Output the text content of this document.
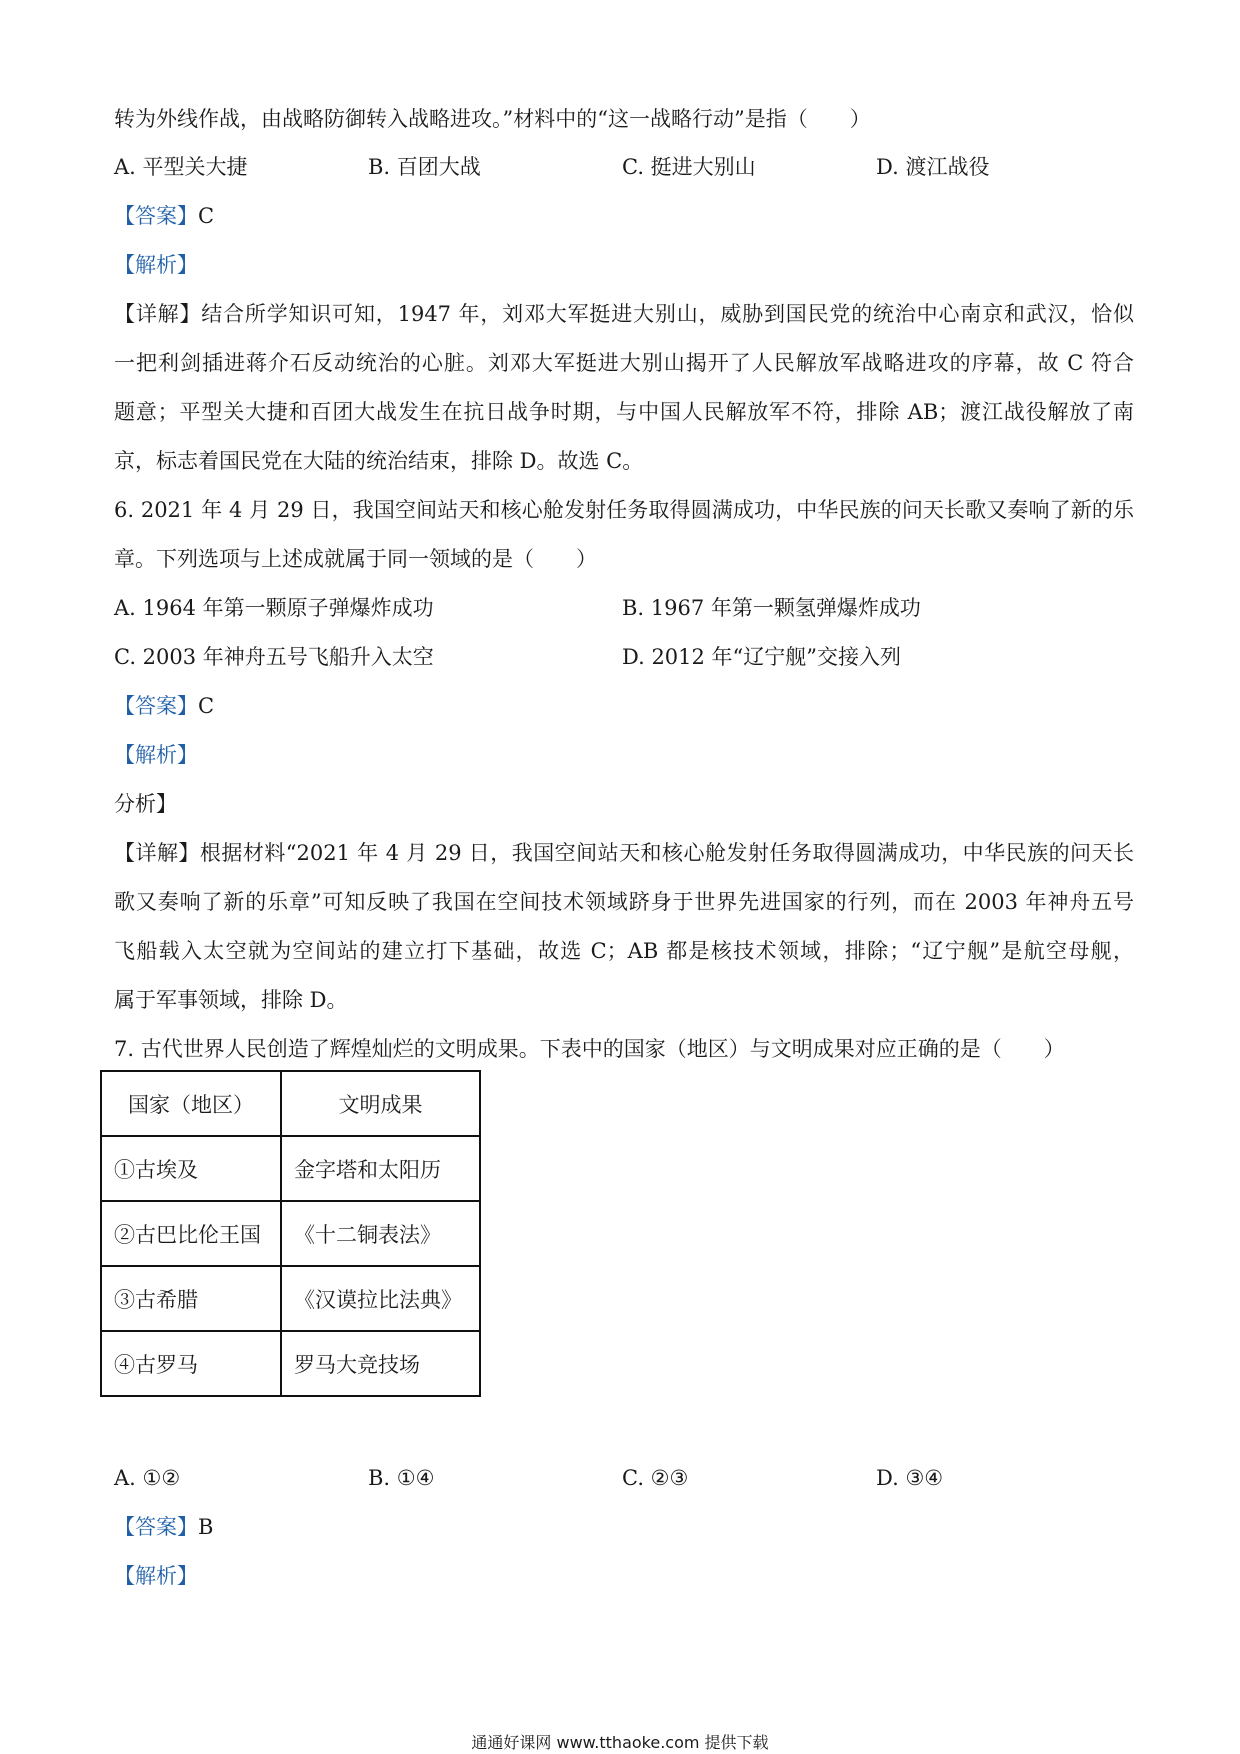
转为外线作战，由战略防御转入战略进攻。”材料中的“这一战略行动”是指（　　）
A. 平型关大捷	B. 百团大战	C. 挺进大别山	D. 渡江战役
【答案】C
【解析】
【详解】结合所学知识可知，1947 年，刘邓大军挺进大别山，威胁到国民党的统治中心南京和武汉，恰似
一把利剑插进蒋介石反动统治的心脏。刘邓大军挺进大别山揭开了人民解放军战略进攻的序幕，故 C 符合
题意；平型关大捷和百团大战发生在抗日战争时期，与中国人民解放军不符，排除 AB；渡江战役解放了南
京，标志着国民党在大陆的统治结束，排除 D。故选 C。
6. 2021 年 4 月 29 日，我国空间站天和核心舱发射任务取得圆满成功，中华民族的问天长歌又奏响了新的乐
章。下列选项与上述成就属于同一领域的是（　　）
A. 1964 年第一颗原子弹爆炸成功	B. 1967 年第一颗氢弹爆炸成功
C. 2003 年神舟五号飞船升入太空	D. 2012 年“辽宁舰”交接入列
【答案】C
【解析】
分析】
【详解】根据材料“2021 年 4 月 29 日，我国空间站天和核心舱发射任务取得圆满成功，中华民族的问天长
歌又奏响了新的乐章”可知反映了我国在空间技术领域跻身于世界先进国家的行列，而在 2003 年神舟五号
飞船载入太空就为空间站的建立打下基础，故选 C；AB 都是核技术领域，排除；“辽宁舰”是航空母舰，
属于军事领域，排除 D。
7. 古代世界人民创造了辉煌灿烂的文明成果。下表中的国家（地区）与文明成果对应正确的是（　　）
国家（地区）	文明成果
①古埃及	金字塔和太阳历
②古巴比伦王国	《十二铜表法》
③古希腊	《汉谟拉比法典》
④古罗马	罗马大竞技场
A. ①②	B. ①④	C. ②③	D. ③④
【答案】B
【解析】
通通好课网 www.tthaoke.com 提供下载
